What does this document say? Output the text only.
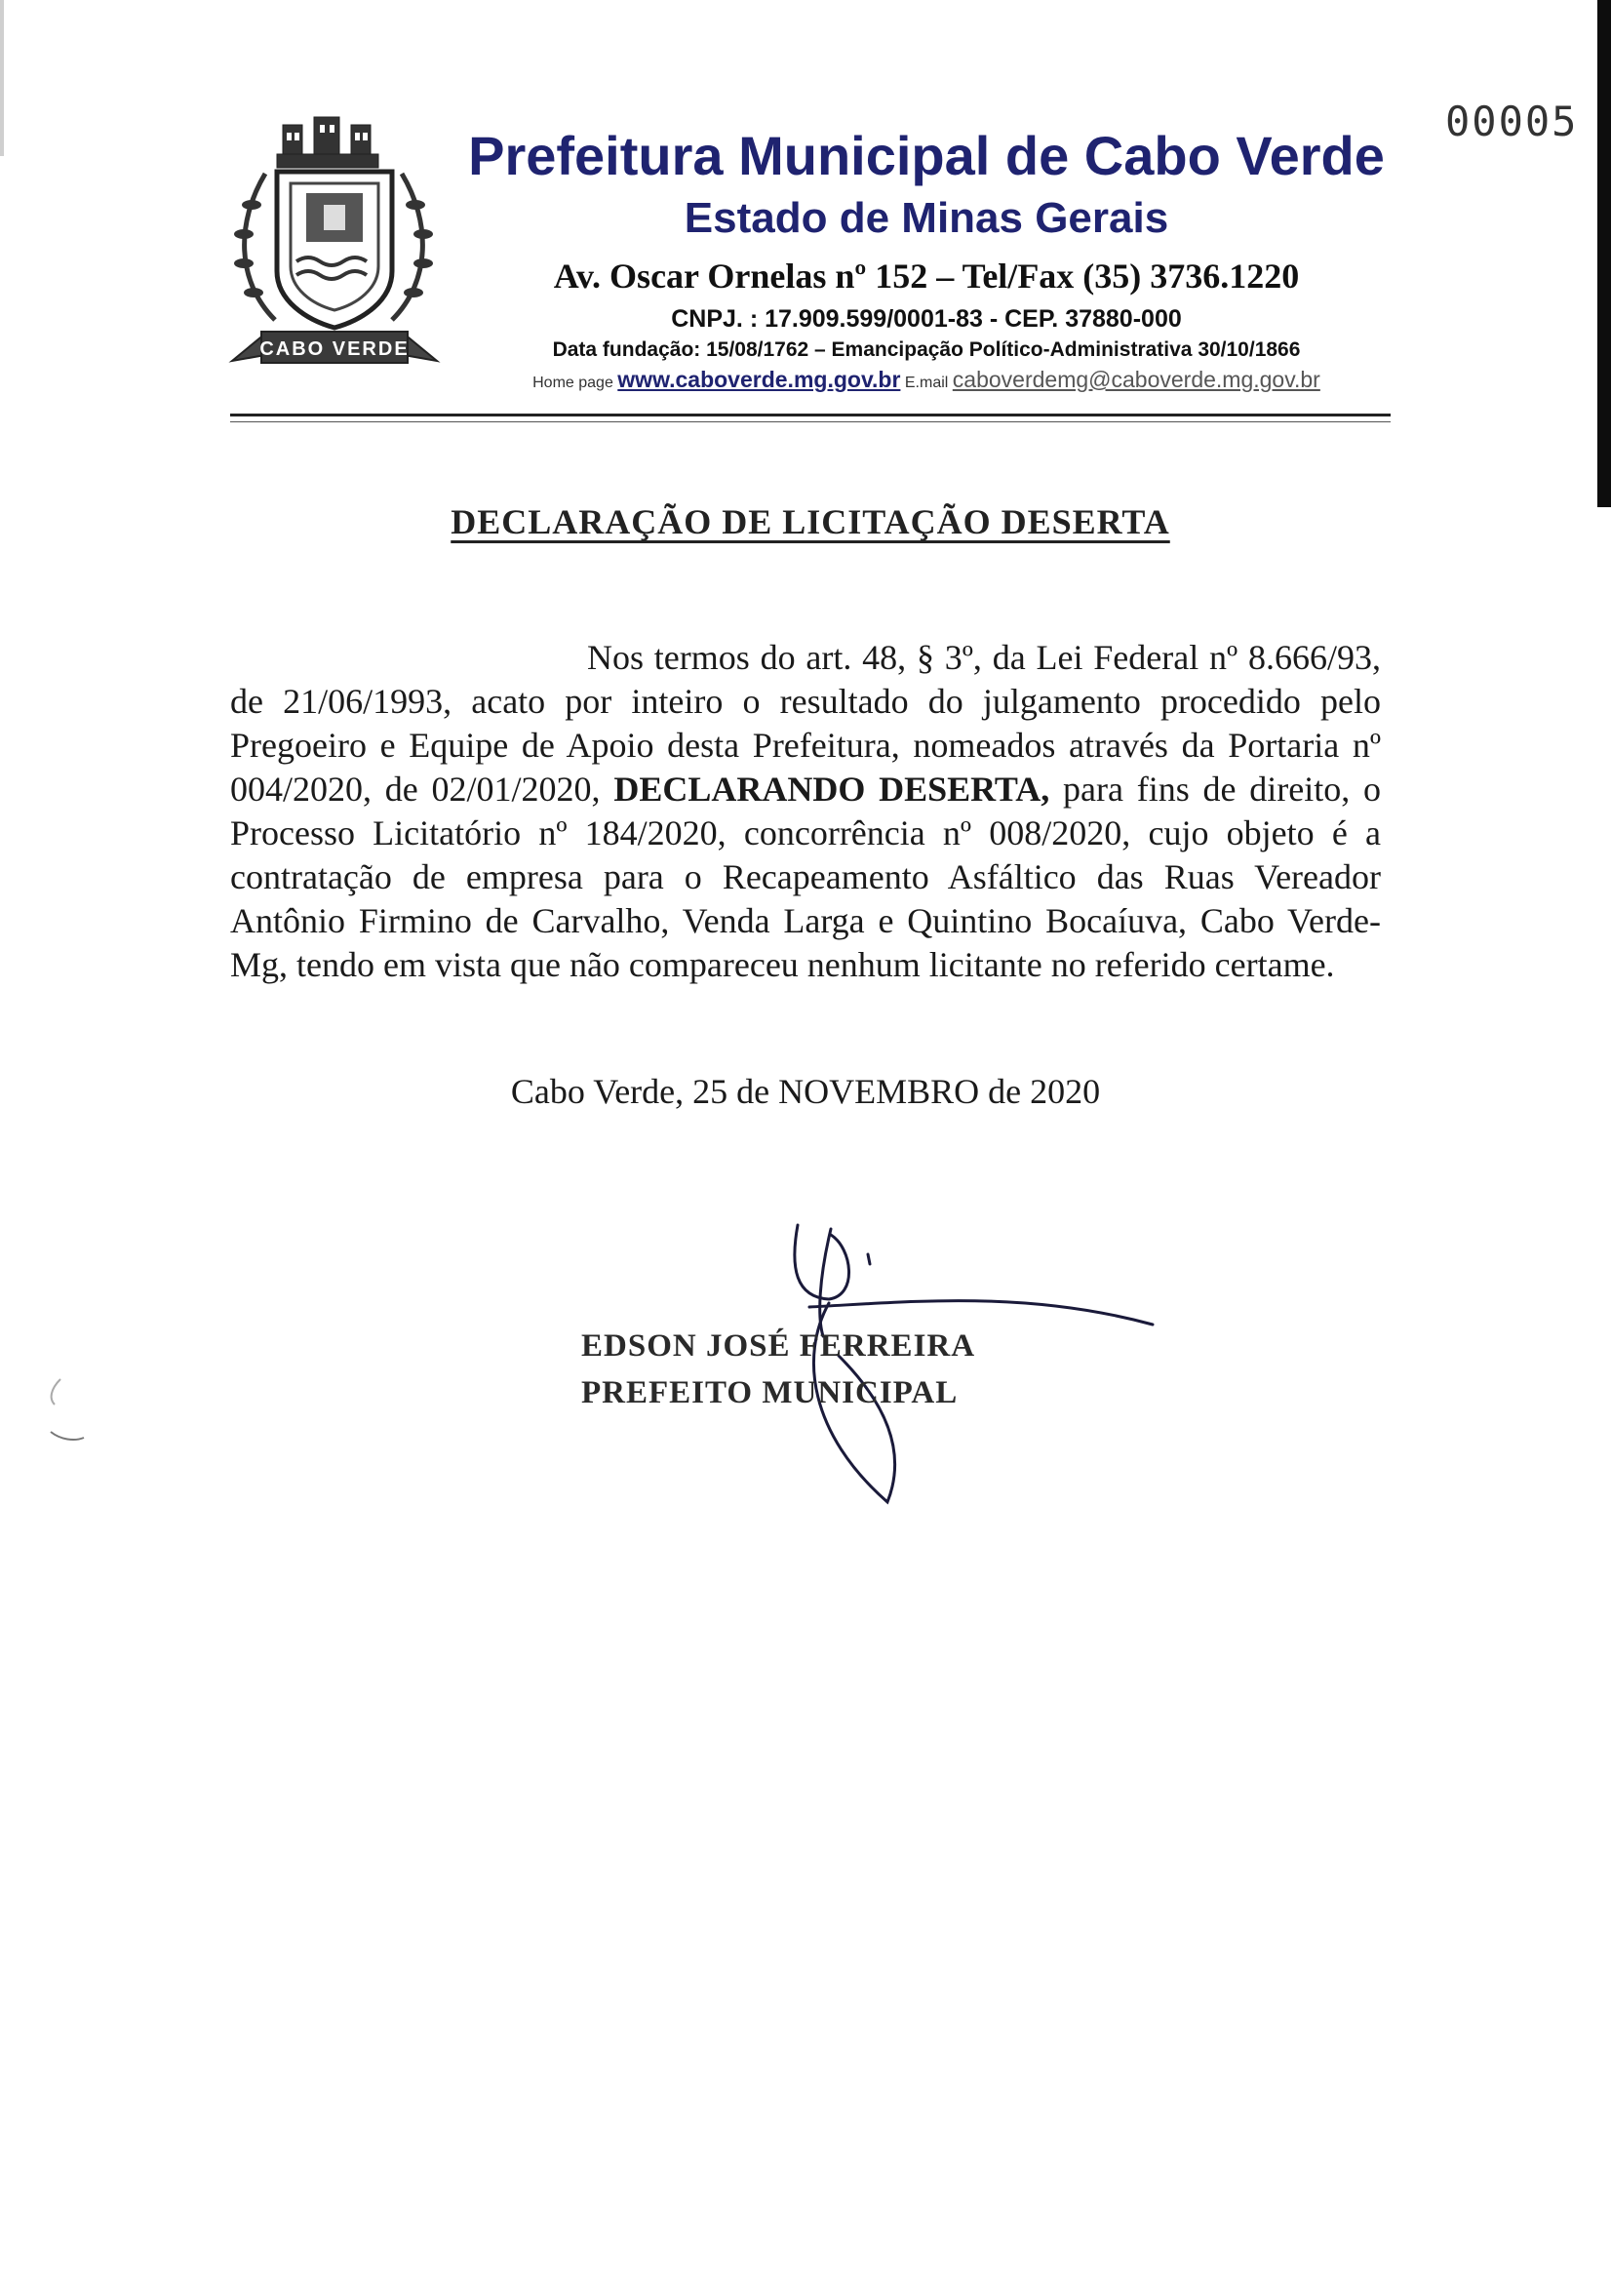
00005
CABO VERDE
Prefeitura Municipal de Cabo Verde
Estado de Minas Gerais
Av. Oscar Ornelas nº 152 – Tel/Fax (35) 3736.1220
CNPJ. : 17.909.599/0001-83 - CEP. 37880-000
Data fundação: 15/08/1762 – Emancipação Político-Administrativa 30/10/1866
Home page www.caboverde.mg.gov.br E.mail caboverdemg@caboverde.mg.gov.br
DECLARAÇÃO DE LICITAÇÃO DESERTA
Nos termos do art. 48, § 3º, da Lei Federal nº 8.666/93, de 21/06/1993, acato por inteiro o resultado do julgamento procedido pelo Pregoeiro e Equipe de Apoio desta Prefeitura, nomeados através da Portaria nº 004/2020, de 02/01/2020, DECLARANDO DESERTA, para fins de direito, o Processo Licitatório nº 184/2020, concorrência nº 008/2020, cujo objeto é a contratação de empresa para o Recapeamento Asfáltico das Ruas Vereador Antônio Firmino de Carvalho, Venda Larga e Quintino Bocaíuva, Cabo Verde-Mg, tendo em vista que não compareceu nenhum licitante no referido certame.
Cabo Verde, 25 de NOVEMBRO de 2020
EDSON JOSÉ FERREIRA
PREFEITO MUNICIPAL
